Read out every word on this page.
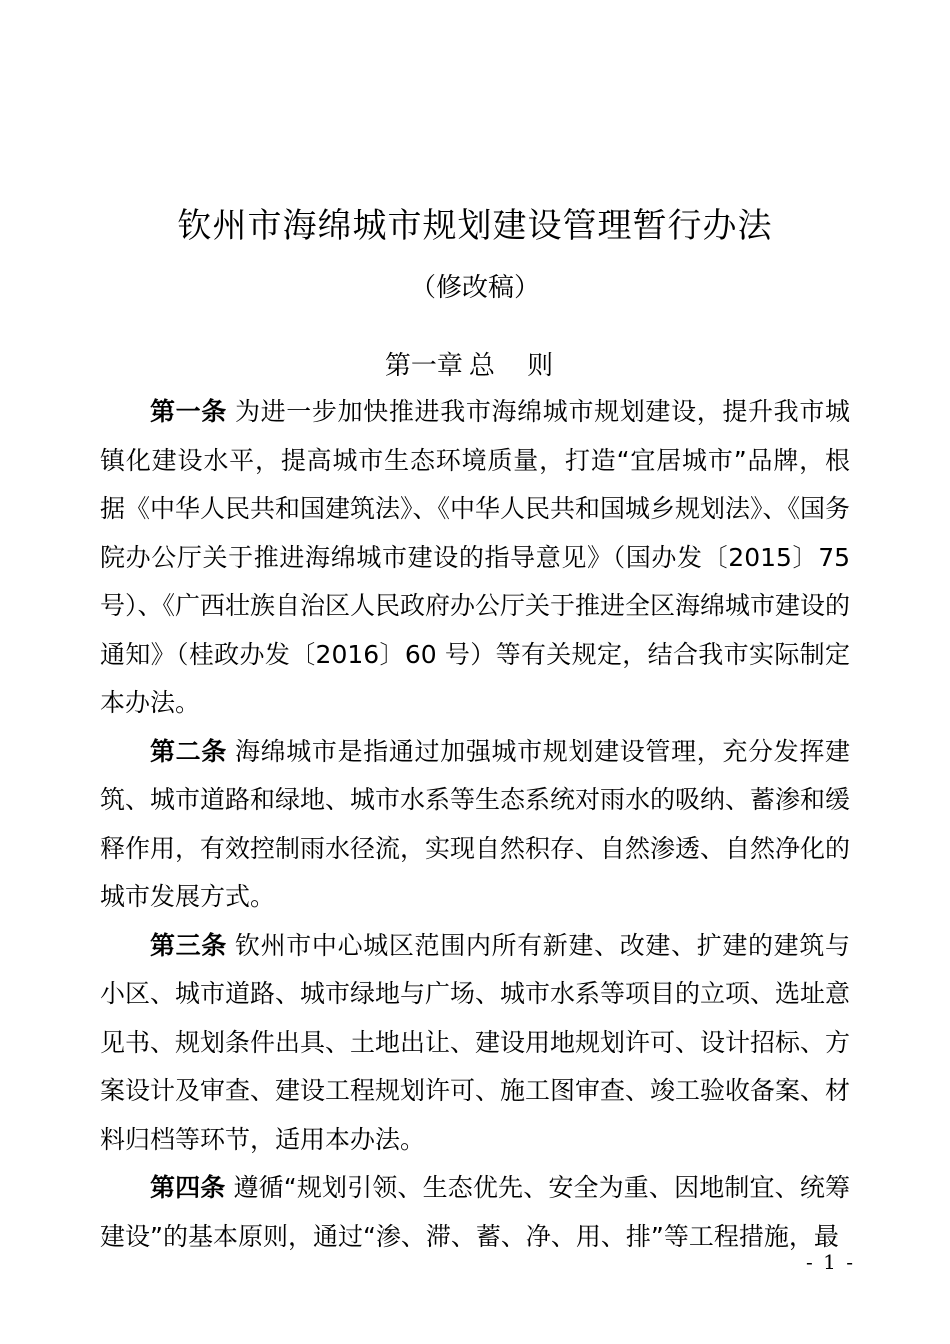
钦州市海绵城市规划建设管理暂行办法
（修改稿）
第一章 总 则

第一条 为进一步加快推进我市海绵城市规划建设，提升我市城镇化建设水平，提高城市生态环境质量，打造“宜居城市”品牌，根据《中华人民共和国建筑法》、《中华人民共和国城乡规划法》、《国务院办公厅关于推进海绵城市建设的指导意见》（国办发〔2015〕75 号）、《广西壮族自治区人民政府办公厅关于推进全区海绵城市建设的通知》（桂政办发〔2016〕60 号）等有关规定，结合我市实际制定本办法。

第二条 海绵城市是指通过加强城市规划建设管理，充分发挥建筑、城市道路和绿地、城市水系等生态系统对雨水的吸纳、蓄渗和缓释作用，有效控制雨水径流，实现自然积存、自然渗透、自然净化的城市发展方式。

第三条 钦州市中心城区范围内所有新建、改建、扩建的建筑与小区、城市道路、城市绿地与广场、城市水系等项目的立项、选址意见书、规划条件出具、土地出让、建设用地规划许可、设计招标、方案设计及审查、建设工程规划许可、施工图审查、竣工验收备案、材料归档等环节，适用本办法。

第四条 遵循“规划引领、生态优先、安全为重、因地制宜、统筹建设”的基本原则，通过“渗、滞、蓄、净、用、排”等工程措施，最

- 1 -
